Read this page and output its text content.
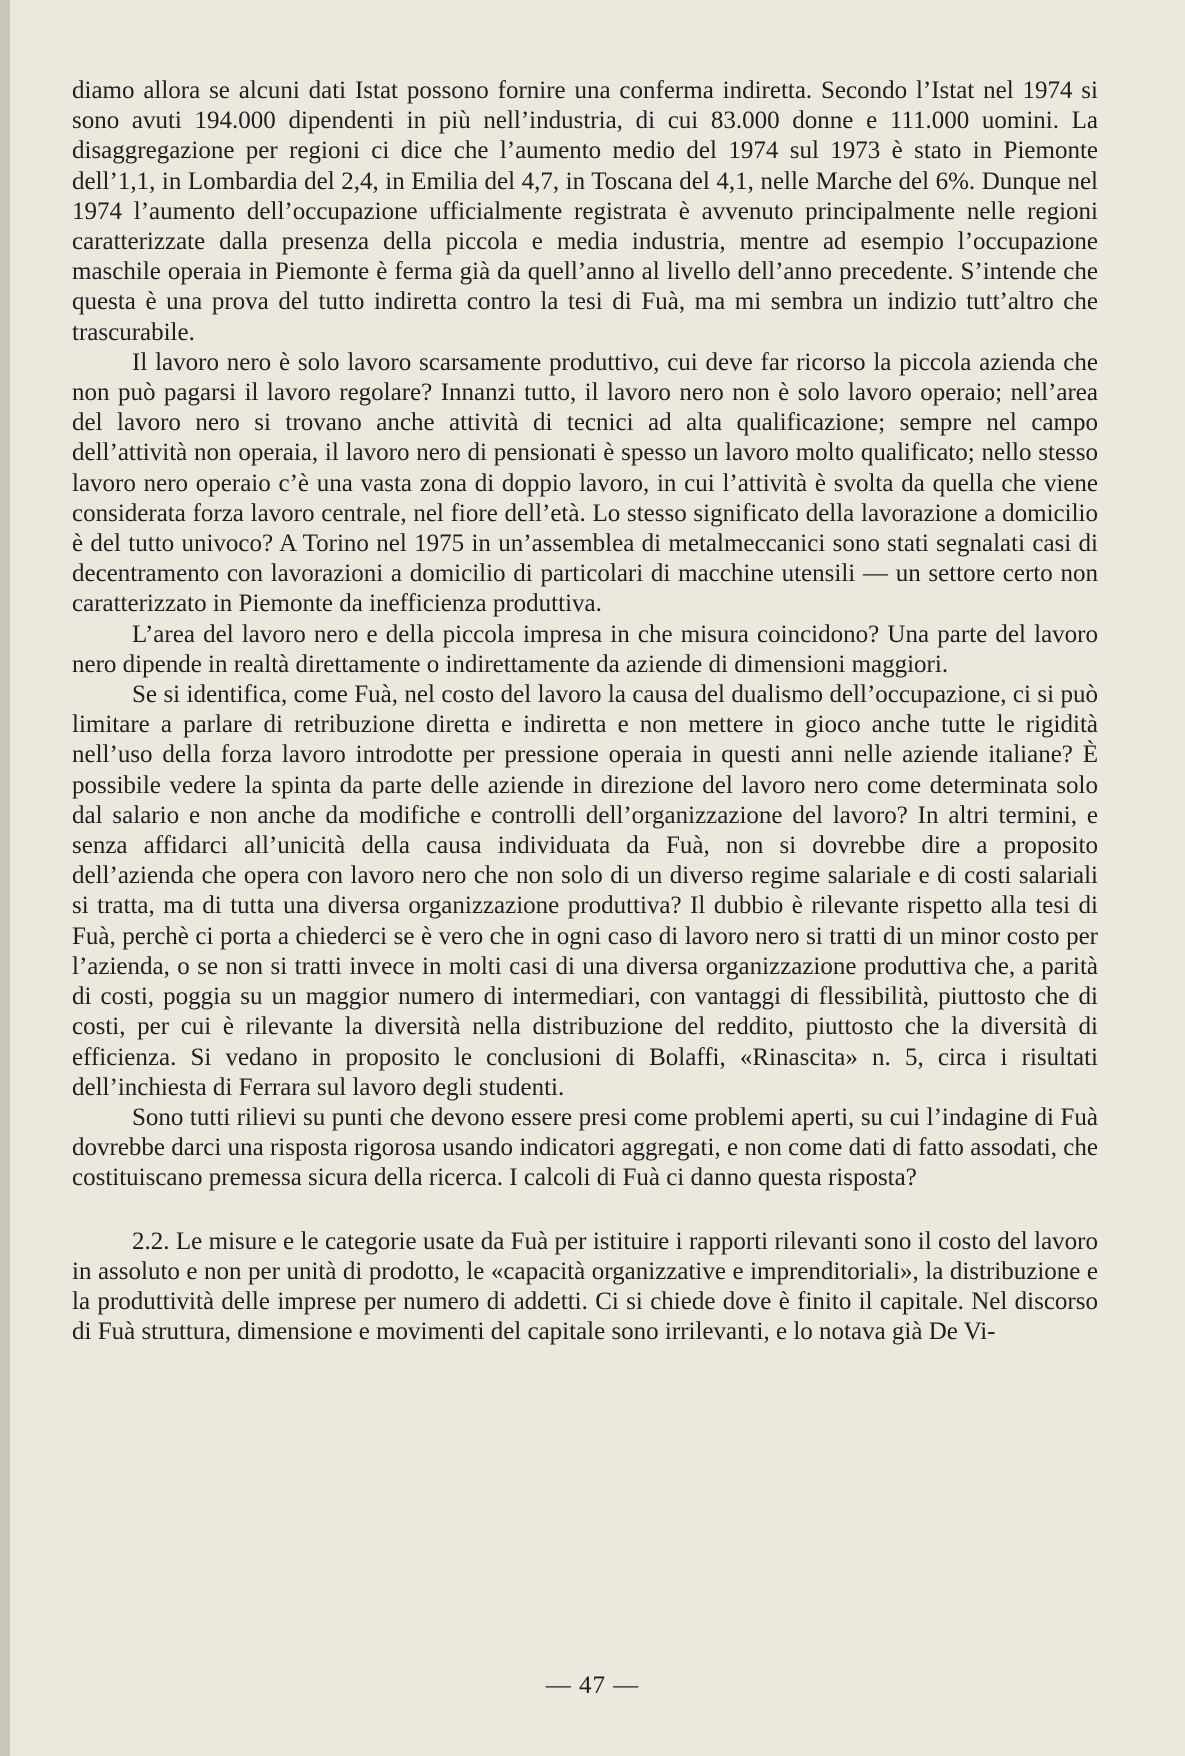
diamo allora se alcuni dati Istat possono fornire una conferma indiretta. Secondo l’Istat nel 1974 si sono avuti 194.000 dipendenti in più nell’industria, di cui 83.000 donne e 111.000 uomini. La disaggregazione per regioni ci dice che l’aumento medio del 1974 sul 1973 è stato in Piemonte dell’1,1, in Lombardia del 2,4, in Emilia del 4,7, in Toscana del 4,1, nelle Marche del 6%. Dunque nel 1974 l’aumento dell’occupazione ufficialmente registrata è avvenuto principalmente nelle regioni caratterizzate dalla presenza della piccola e media industria, mentre ad esempio l’occupazione maschile operaia in Piemonte è ferma già da quell’anno al livello dell’anno precedente. S’intende che questa è una prova del tutto indiretta contro la tesi di Fuà, ma mi sembra un indizio tutt’altro che trascurabile.

Il lavoro nero è solo lavoro scarsamente produttivo, cui deve far ricorso la piccola azienda che non può pagarsi il lavoro regolare? Innanzi tutto, il lavoro nero non è solo lavoro operaio; nell’area del lavoro nero si trovano anche attività di tecnici ad alta qualificazione; sempre nel campo dell’attività non operaia, il lavoro nero di pensionati è spesso un lavoro molto qualificato; nello stesso lavoro nero operaio c’è una vasta zona di doppio lavoro, in cui l’attività è svolta da quella che viene considerata forza lavoro centrale, nel fiore dell’età. Lo stesso significato della lavorazione a domicilio è del tutto univoco? A Torino nel 1975 in un’assemblea di metalmeccanici sono stati segnalati casi di decentramento con lavorazioni a domicilio di particolari di macchine utensili — un settore certo non caratterizzato in Piemonte da inefficienza produttiva.

L’area del lavoro nero e della piccola impresa in che misura coincidono? Una parte del lavoro nero dipende in realtà direttamente o indirettamente da aziende di dimensioni maggiori.

Se si identifica, come Fuà, nel costo del lavoro la causa del dualismo dell’occupazione, ci si può limitare a parlare di retribuzione diretta e indiretta e non mettere in gioco anche tutte le rigidità nell’uso della forza lavoro introdotte per pressione operaia in questi anni nelle aziende italiane? È possibile vedere la spinta da parte delle aziende in direzione del lavoro nero come determinata solo dal salario e non anche da modifiche e controlli dell’organizzazione del lavoro? In altri termini, e senza affidarci all’unicità della causa individuata da Fuà, non si dovrebbe dire a proposito dell’azienda che opera con lavoro nero che non solo di un diverso regime salariale e di costi salariali si tratta, ma di tutta una diversa organizzazione produttiva? Il dubbio è rilevante rispetto alla tesi di Fuà, perchè ci porta a chiederci se è vero che in ogni caso di lavoro nero si tratti di un minor costo per l’azienda, o se non si tratti invece in molti casi di una diversa organizzazione produttiva che, a parità di costi, poggia su un maggior numero di intermediari, con vantaggi di flessibilità, piuttosto che di costi, per cui è rilevante la diversità nella distribuzione del reddito, piuttosto che la diversità di efficienza. Si vedano in proposito le conclusioni di Bolaffi, «Rinascita» n. 5, circa i risultati dell’inchiesta di Ferrara sul lavoro degli studenti.

Sono tutti rilievi su punti che devono essere presi come problemi aperti, su cui l’indagine di Fuà dovrebbe darci una risposta rigorosa usando indicatori aggregati, e non come dati di fatto assodati, che costituiscano premessa sicura della ricerca. I calcoli di Fuà ci danno questa risposta?

2.2. Le misure e le categorie usate da Fuà per istituire i rapporti rilevanti sono il costo del lavoro in assoluto e non per unità di prodotto, le «capacità organizzative e imprenditoriali», la distribuzione e la produttività delle imprese per numero di addetti. Ci si chiede dove è finito il capitale. Nel discorso di Fuà struttura, dimensione e movimenti del capitale sono irrilevanti, e lo notava già De Vi-

— 47 —
